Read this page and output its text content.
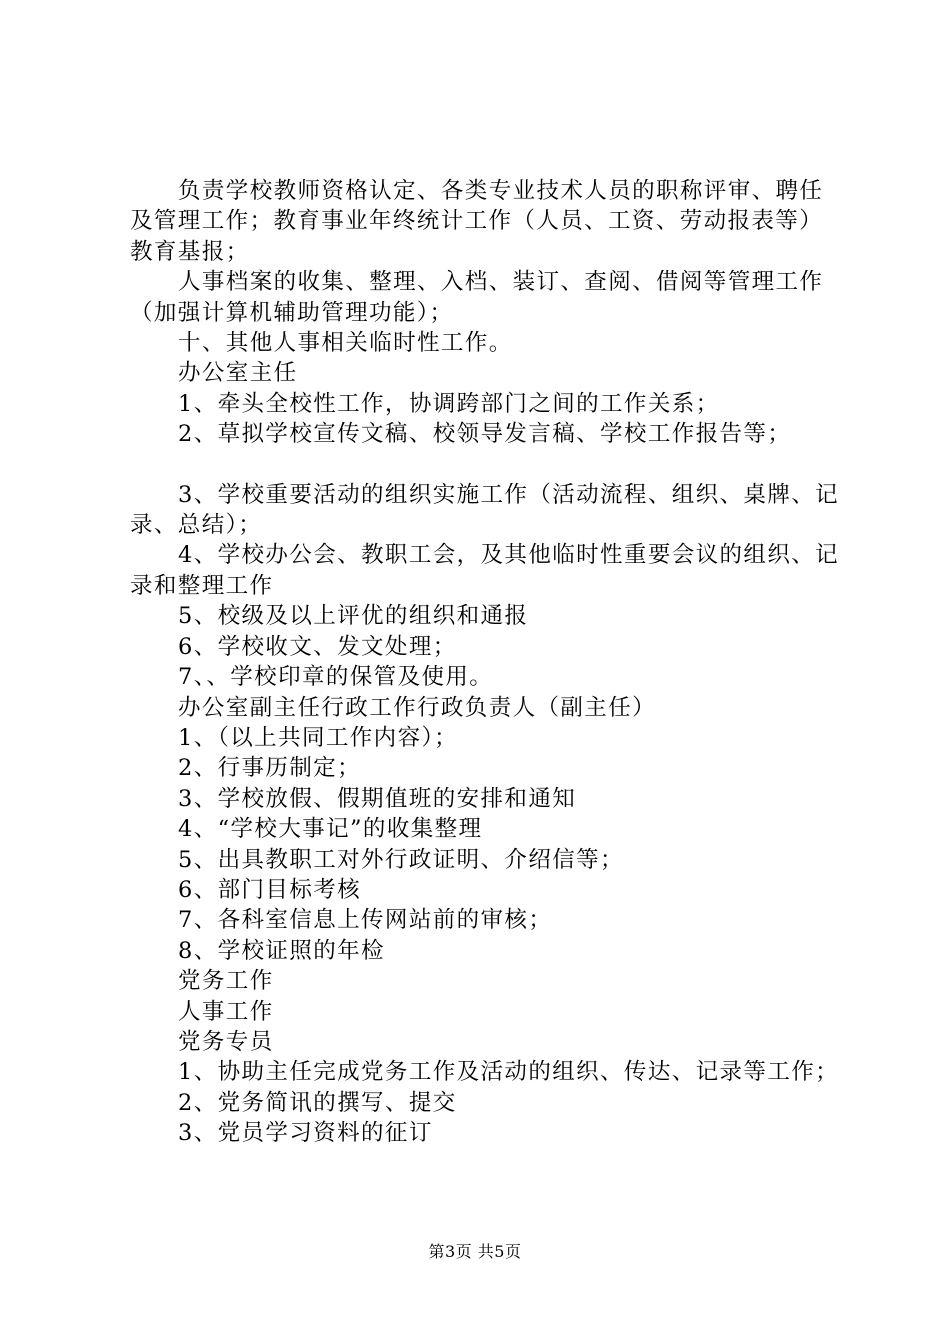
负责学校教师资格认定、各类专业技术人员的职称评审、聘任及管理工作；教育事业年终统计工作（人员、工资、劳动报表等）教育基报；

人事档案的收集、整理、入档、装订、查阅、借阅等管理工作（加强计算机辅助管理功能）；

十、其他人事相关临时性工作。

办公室主任

1、牵头全校性工作，协调跨部门之间的工作关系；

2、草拟学校宣传文稿、校领导发言稿、学校工作报告等；

3、学校重要活动的组织实施工作（活动流程、组织、桌牌、记录、总结）；

4、学校办公会、教职工会，及其他临时性重要会议的组织、记录和整理工作

5、校级及以上评优的组织和通报

6、学校收文、发文处理；

7、、学校印章的保管及使用。

办公室副主任行政工作行政负责人（副主任）

1、（以上共同工作内容）；

2、行事历制定；

3、学校放假、假期值班的安排和通知

4、“学校大事记”的收集整理

5、出具教职工对外行政证明、介绍信等；

6、部门目标考核

7、各科室信息上传网站前的审核；

8、学校证照的年检

党务工作

人事工作

党务专员

1、协助主任完成党务工作及活动的组织、传达、记录等工作；

2、党务简讯的撰写、提交

3、党员学习资料的征订

第3页 共5页
